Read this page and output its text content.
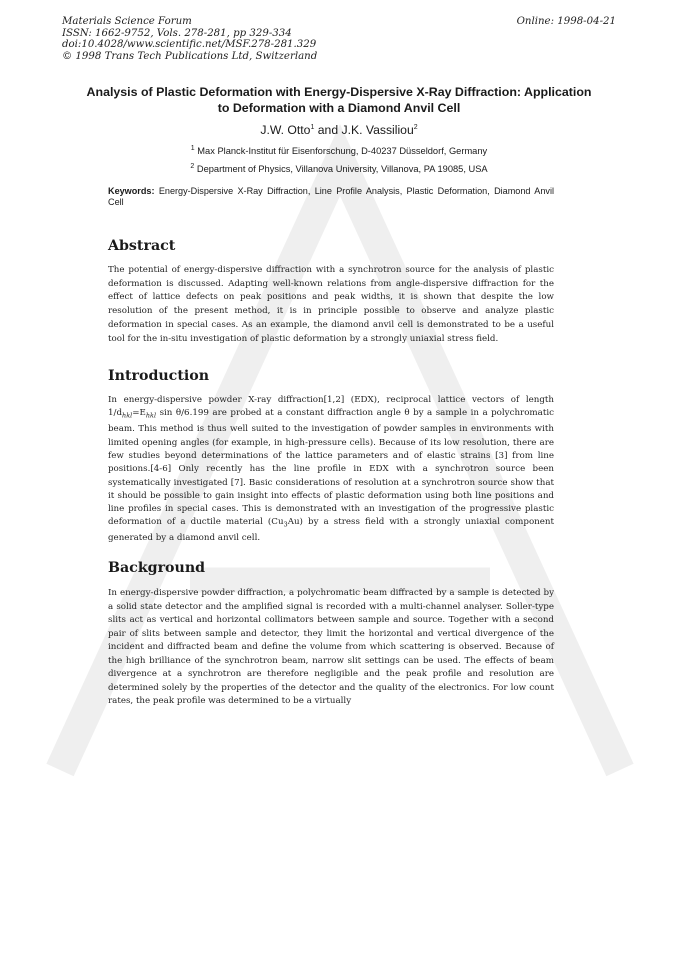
Materials Science Forum
ISSN: 1662-9752, Vols. 278-281, pp 329-334
doi:10.4028/www.scientific.net/MSF.278-281.329
© 1998 Trans Tech Publications Ltd, Switzerland
Online: 1998-04-21
Analysis of Plastic Deformation with Energy-Dispersive X-Ray Diffraction: Application to Deformation with a Diamond Anvil Cell
J.W. Otto$^1$ and J.K. Vassiliou$^2$
$^1$ Max Planck-Institut für Eisenforschung, D-40237 Düsseldorf, Germany
$^2$ Department of Physics, Villanova University, Villanova, PA 19085, USA
Keywords: Energy-Dispersive X-Ray Diffraction, Line Profile Analysis, Plastic Deformation, Diamond Anvil Cell
Abstract
The potential of energy-dispersive diffraction with a synchrotron source for the analysis of plastic deformation is discussed. Adapting well-known relations from angle-dispersive diffraction for the effect of lattice defects on peak positions and peak widths, it is shown that despite the low resolution of the present method, it is in principle possible to observe and analyze plastic deformation in special cases. As an example, the diamond anvil cell is demonstrated to be a useful tool for the in-situ investigation of plastic deformation by a strongly uniaxial stress field.
Introduction
In energy-dispersive powder X-ray diffraction[1,2] (EDX), reciprocal lattice vectors of length $1/d_{hkl}=E_{hkl}$ sin θ/6.199 are probed at a constant diffraction angle θ by a sample in a polychromatic beam. This method is thus well suited to the investigation of powder samples in environments with limited opening angles (for example, in high-pressure cells). Because of its low resolution, there are few studies beyond determinations of the lattice parameters and of elastic strains [3] from line positions.[4-6] Only recently has the line profile in EDX with a synchrotron source been systematically investigated [7]. Basic considerations of resolution at a synchrotron source show that it should be possible to gain insight into effects of plastic deformation using both line positions and line profiles in special cases. This is demonstrated with an investigation of the progressive plastic deformation of a ductile material $(Cu_3Au)$ by a stress field with a strongly uniaxial component generated by a diamond anvil cell.
Background
In energy-dispersive powder diffraction, a polychromatic beam diffracted by a sample is detected by a solid state detector and the amplified signal is recorded with a multi-channel analyser. Soller-type slits act as vertical and horizontal collimators between sample and source. Together with a second pair of slits between sample and detector, they limit the horizontal and vertical divergence of the incident and diffracted beam and define the volume from which scattering is observed. Because of the high brilliance of the synchrotron beam, narrow slit settings can be used. The effects of beam divergence at a synchrotron are therefore negligible and the peak profile and resolution are determined solely by the properties of the detector and the quality of the electronics. For low count rates, the peak profile was determined to be a virtually
